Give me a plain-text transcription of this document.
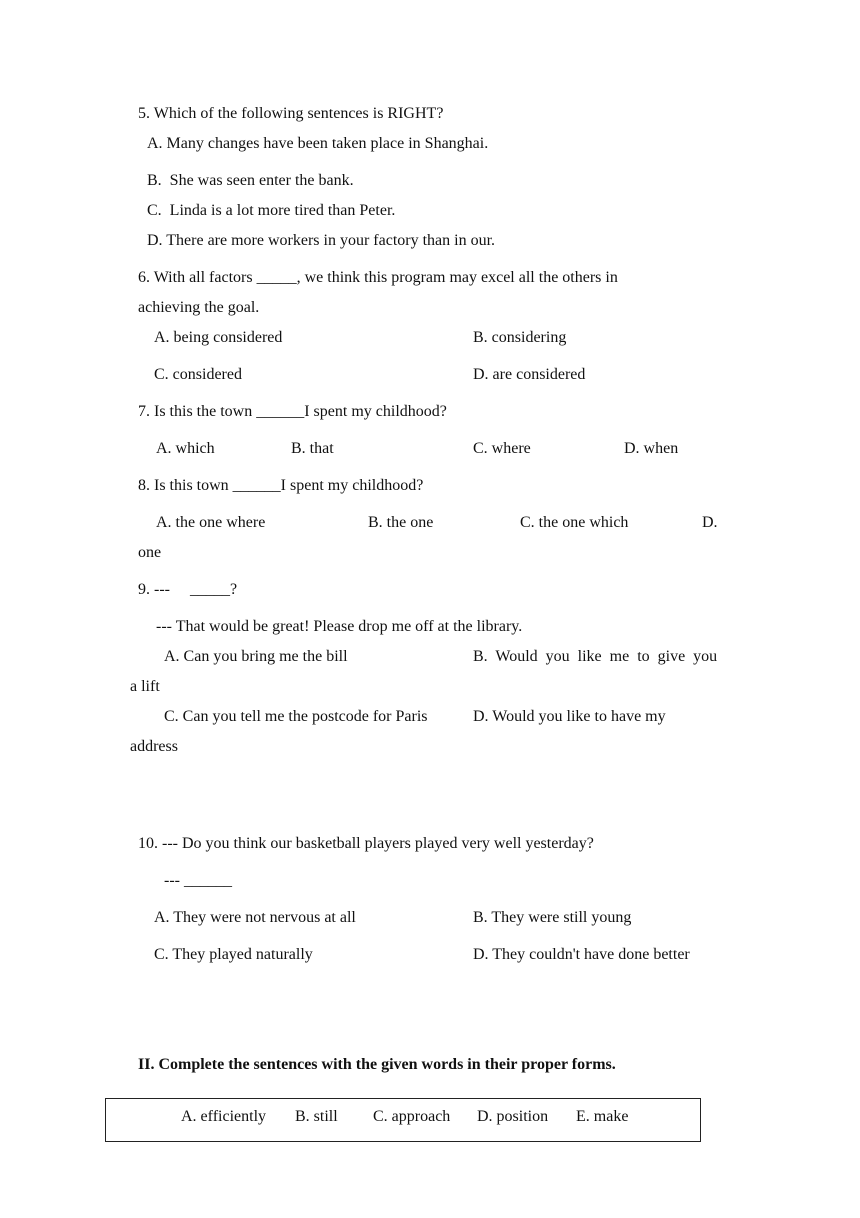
5. Which of the following sentences is RIGHT?
A. Many changes have been taken place in Shanghai.
B.  She was seen enter the bank.
C.  Linda is a lot more tired than Peter.
D. There are more workers in your factory than in our.
6. With all factors _____, we think this program may excel all the others in
achieving the goal.
A. being considered	B. considering
C. considered	D. are considered
7. Is this the town ______I spent my childhood?
A. which	B. that	C. where	D. when
8. Is this town ______I spent my childhood?
A. the one where	B. the one	C. the one which	D.
one
9. ---     _____?
--- That would be great! Please drop me off at the library.
A. Can you bring me the bill	B.  Would  you  like  me  to  give  you
a lift
C. Can you tell me the postcode for Paris	D. Would you like to have my
address
10. --- Do you think our basketball players played very well yesterday?
--- ______
A. They were not nervous at all	B. They were still young
C. They played naturally	D. They couldn't have done better
II. Complete the sentences with the given words in their proper forms.
A. efficiently B. still C. approach D. position E. make
